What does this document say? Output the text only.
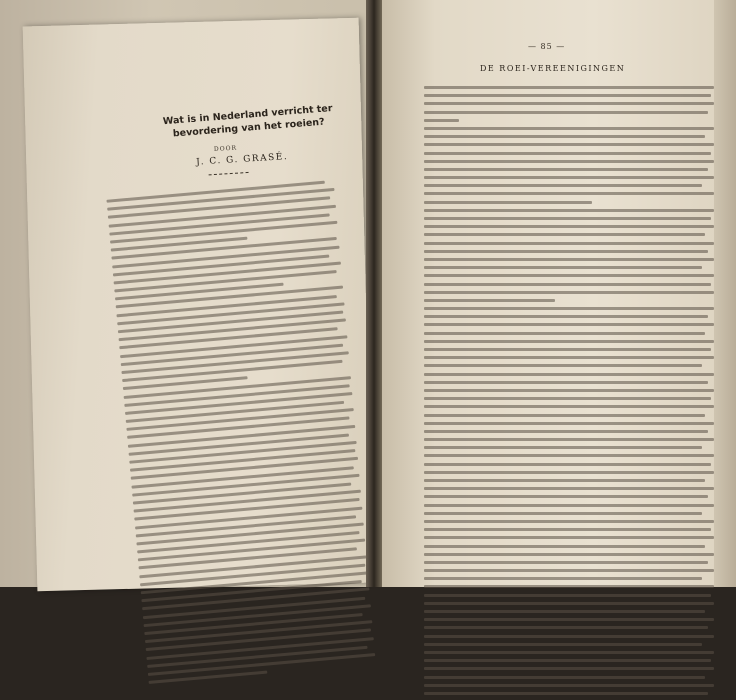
Wat is in Nederland verricht ter bevordering van het roeien?
DOOR
J. C. G. GRASÉ.
— 85 —
DE ROEI-VEREENIGINGEN
